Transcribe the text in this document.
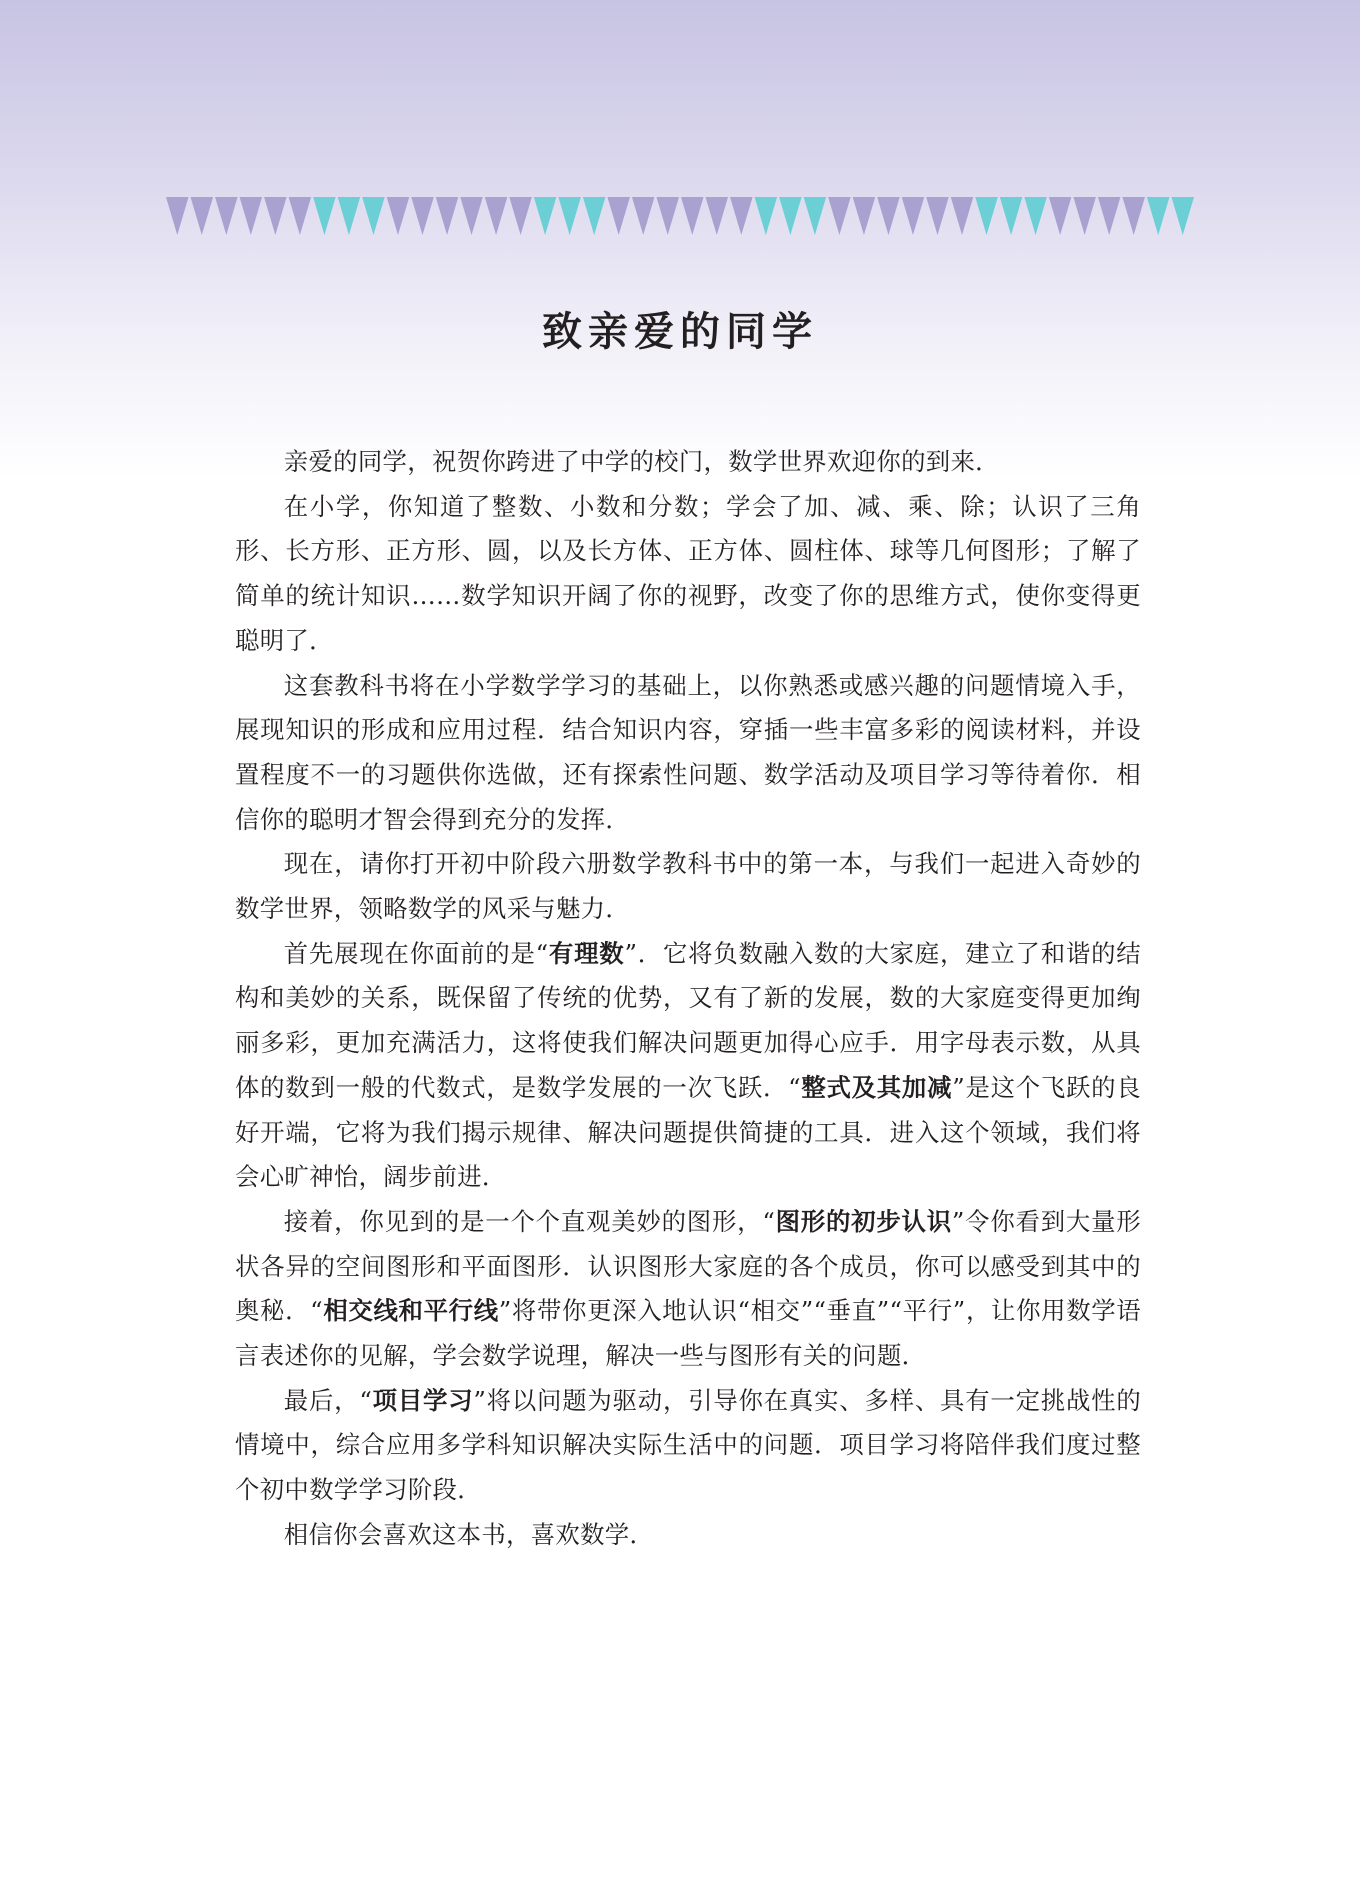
致亲爱的同学

亲爱的同学，祝贺你跨进了中学的校门，数学世界欢迎你的到来．

在小学，你知道了整数、小数和分数；学会了加、减、乘、除；认识了三角形、长方形、正方形、圆，以及长方体、正方体、圆柱体、球等几何图形；了解了简单的统计知识……数学知识开阔了你的视野，改变了你的思维方式，使你变得更聪明了．

这套教科书将在小学数学学习的基础上，以你熟悉或感兴趣的问题情境入手，展现知识的形成和应用过程．结合知识内容，穿插一些丰富多彩的阅读材料，并设置程度不一的习题供你选做，还有探索性问题、数学活动及项目学习等待着你．相信你的聪明才智会得到充分的发挥．

现在，请你打开初中阶段六册数学教科书中的第一本，与我们一起进入奇妙的数学世界，领略数学的风采与魅力．

首先展现在你面前的是“有理数”．它将负数融入数的大家庭，建立了和谐的结构和美妙的关系，既保留了传统的优势，又有了新的发展，数的大家庭变得更加绚丽多彩，更加充满活力，这将使我们解决问题更加得心应手．用字母表示数，从具体的数到一般的代数式，是数学发展的一次飞跃．“整式及其加减”是这个飞跃的良好开端，它将为我们揭示规律、解决问题提供简捷的工具．进入这个领域，我们将会心旷神怡，阔步前进．

接着，你见到的是一个个直观美妙的图形，“图形的初步认识”令你看到大量形状各异的空间图形和平面图形．认识图形大家庭的各个成员，你可以感受到其中的奥秘．“相交线和平行线”将带你更深入地认识“相交”“垂直”“平行”，让你用数学语言表述你的见解，学会数学说理，解决一些与图形有关的问题．

最后，“项目学习”将以问题为驱动，引导你在真实、多样、具有一定挑战性的情境中，综合应用多学科知识解决实际生活中的问题．项目学习将陪伴我们度过整个初中数学学习阶段．

相信你会喜欢这本书，喜欢数学．
